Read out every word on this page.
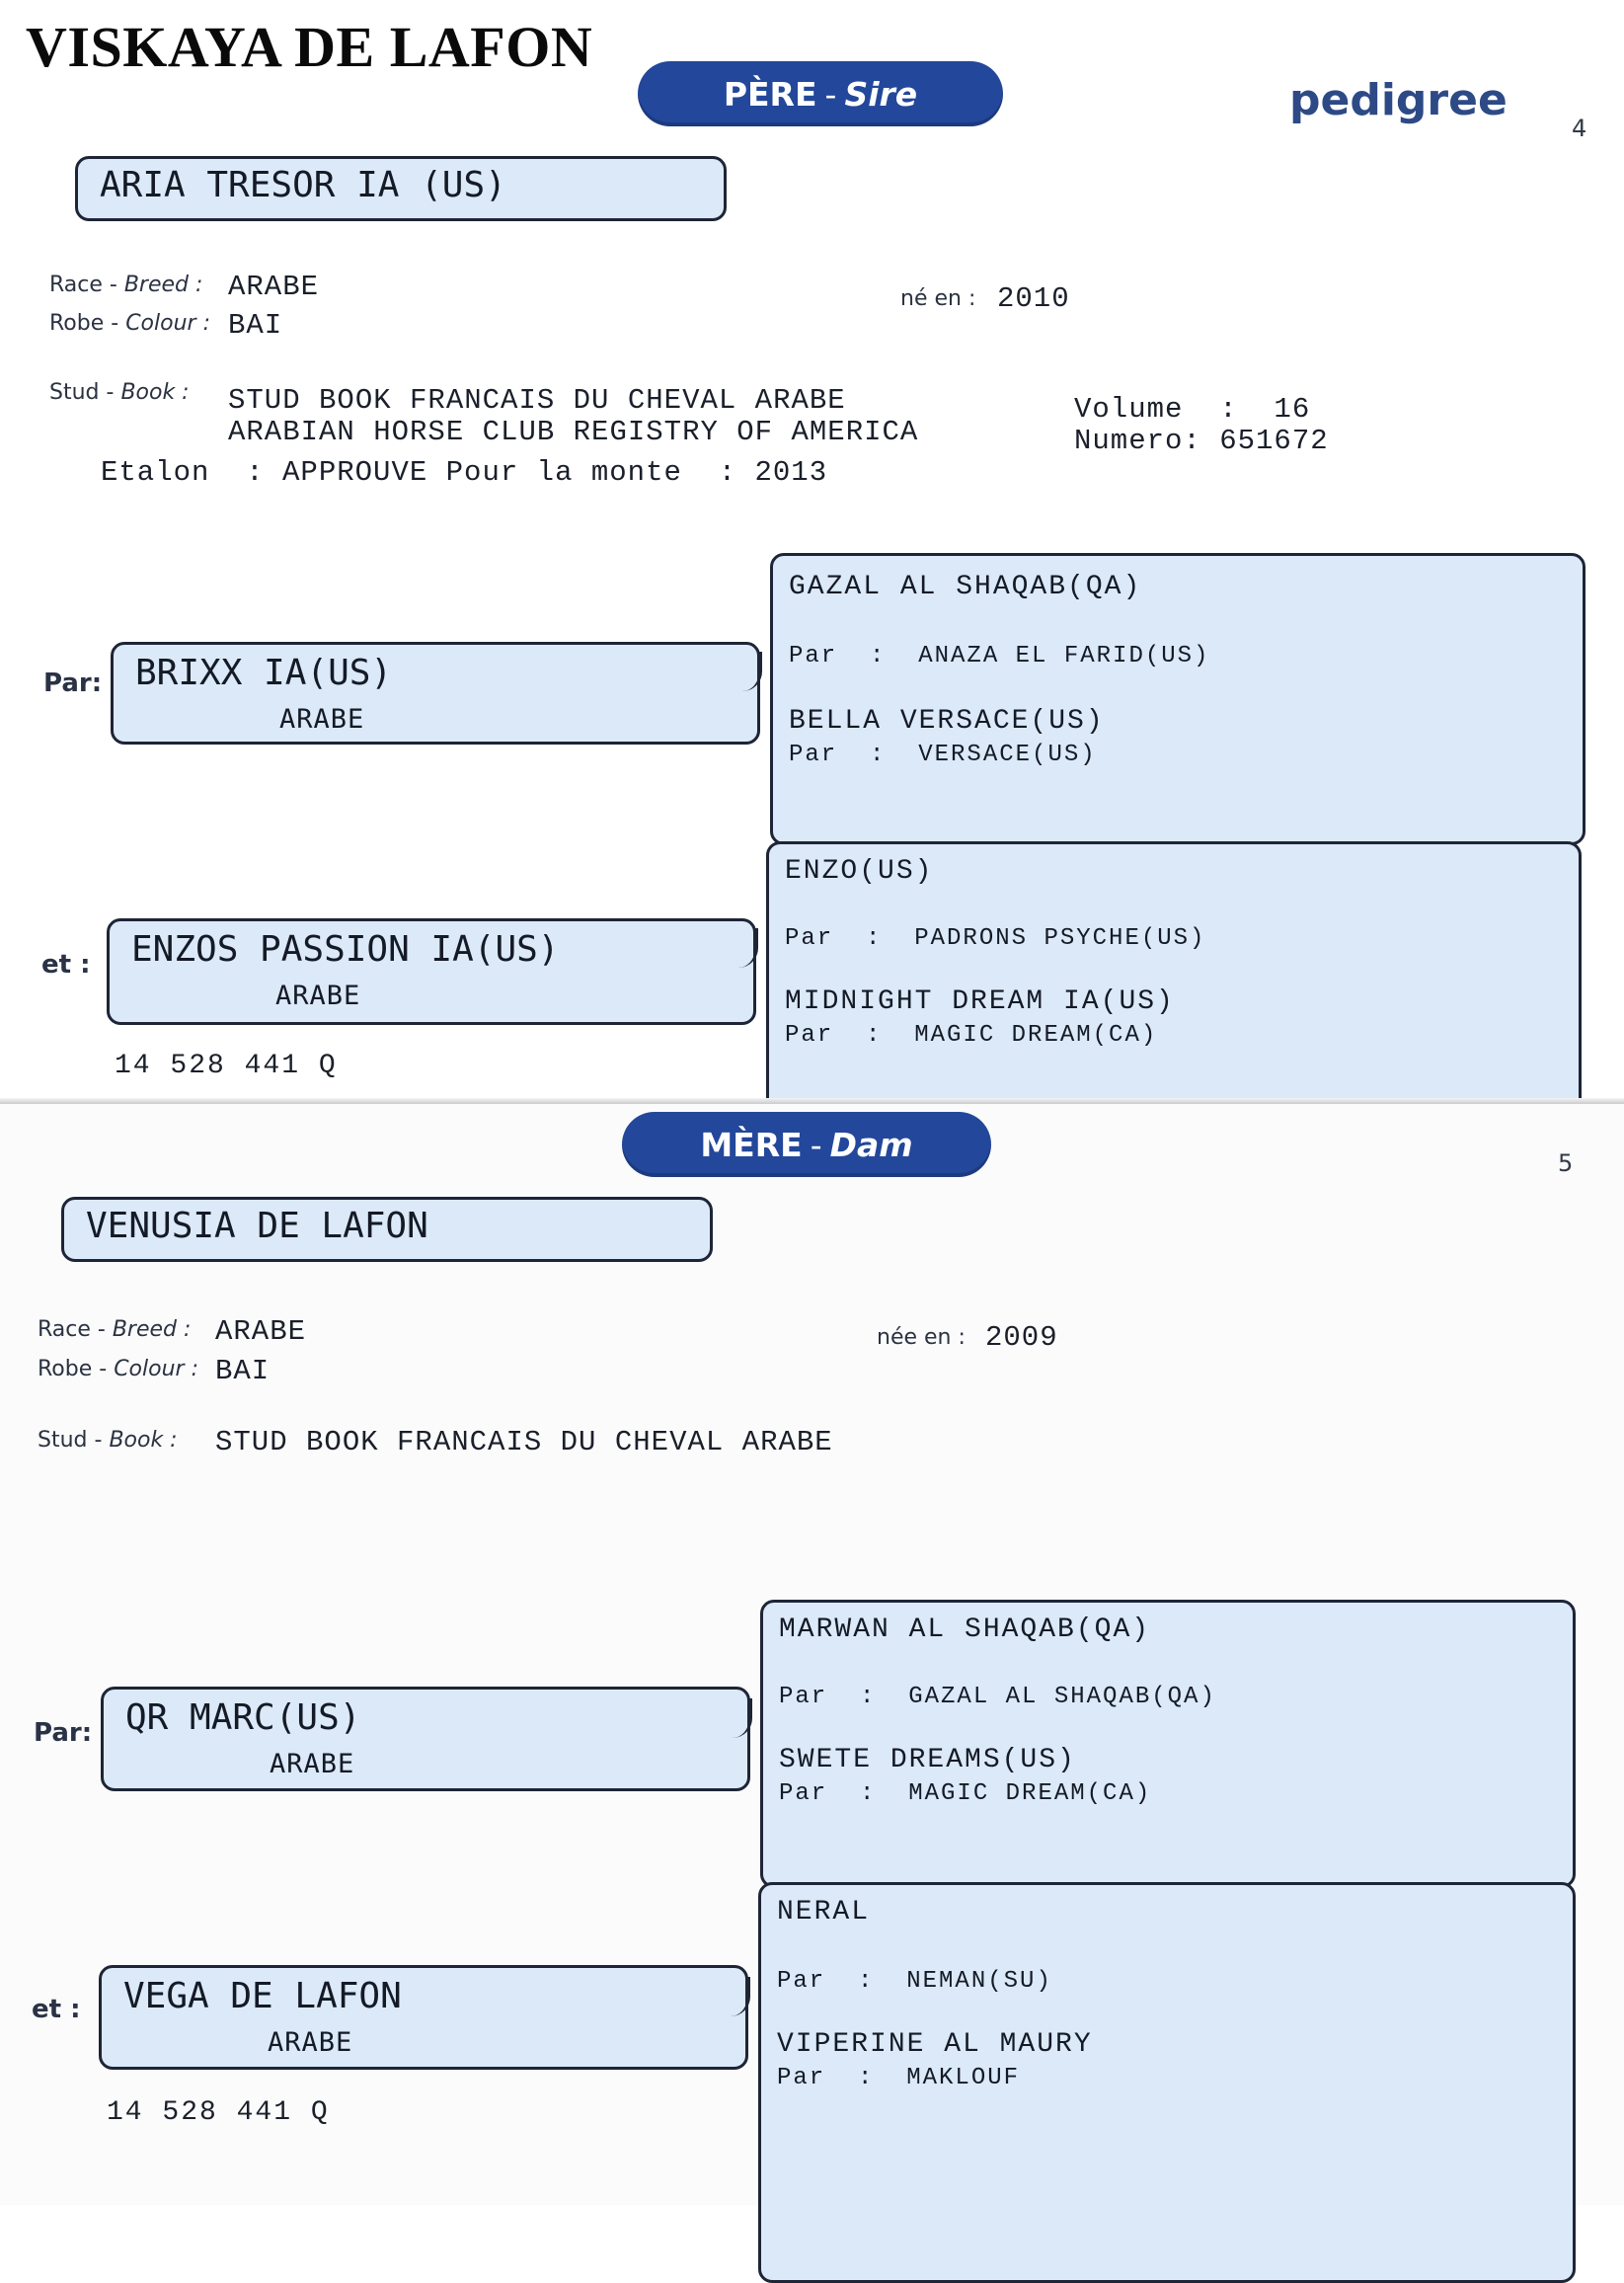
VISKAYA DE LAFON
PÈRE - Sire	pedigree
4
ARIA TRESOR IA (US)
Race - Breed : ARABE
Robe - Colour : BAI
né en : 2010
Stud - Book : STUD BOOK FRANCAIS DU CHEVAL ARABE
ARABIAN HORSE CLUB REGISTRY OF AMERICA
Volume  :  16
Numero: 651672
Etalon  : APPROUVE Pour la monte  : 2013
Par: BRIXX IA(US)
ARABE
GAZAL AL SHAQAB(QA)
Par  :  ANAZA EL FARID(US)
BELLA VERSACE(US)
Par  :  VERSACE(US)
et : ENZOS PASSION IA(US)
ARABE
ENZO(US)
Par  :  PADRONS PSYCHE(US)
MIDNIGHT DREAM IA(US)
Par  :  MAGIC DREAM(CA)
14 528 441 Q
MÈRE - Dam	5
VENUSIA DE LAFON
Race - Breed : ARABE
Robe - Colour : BAI
née en : 2009
Stud - Book : STUD BOOK FRANCAIS DU CHEVAL ARABE
Par: QR MARC(US)
ARABE
MARWAN AL SHAQAB(QA)
Par  :  GAZAL AL SHAQAB(QA)
SWETE DREAMS(US)
Par  :  MAGIC DREAM(CA)
et : VEGA DE LAFON
ARABE
NERAL
Par  :  NEMAN(SU)
VIPERINE AL MAURY
Par  :  MAKLOUF
14 528 441 Q
